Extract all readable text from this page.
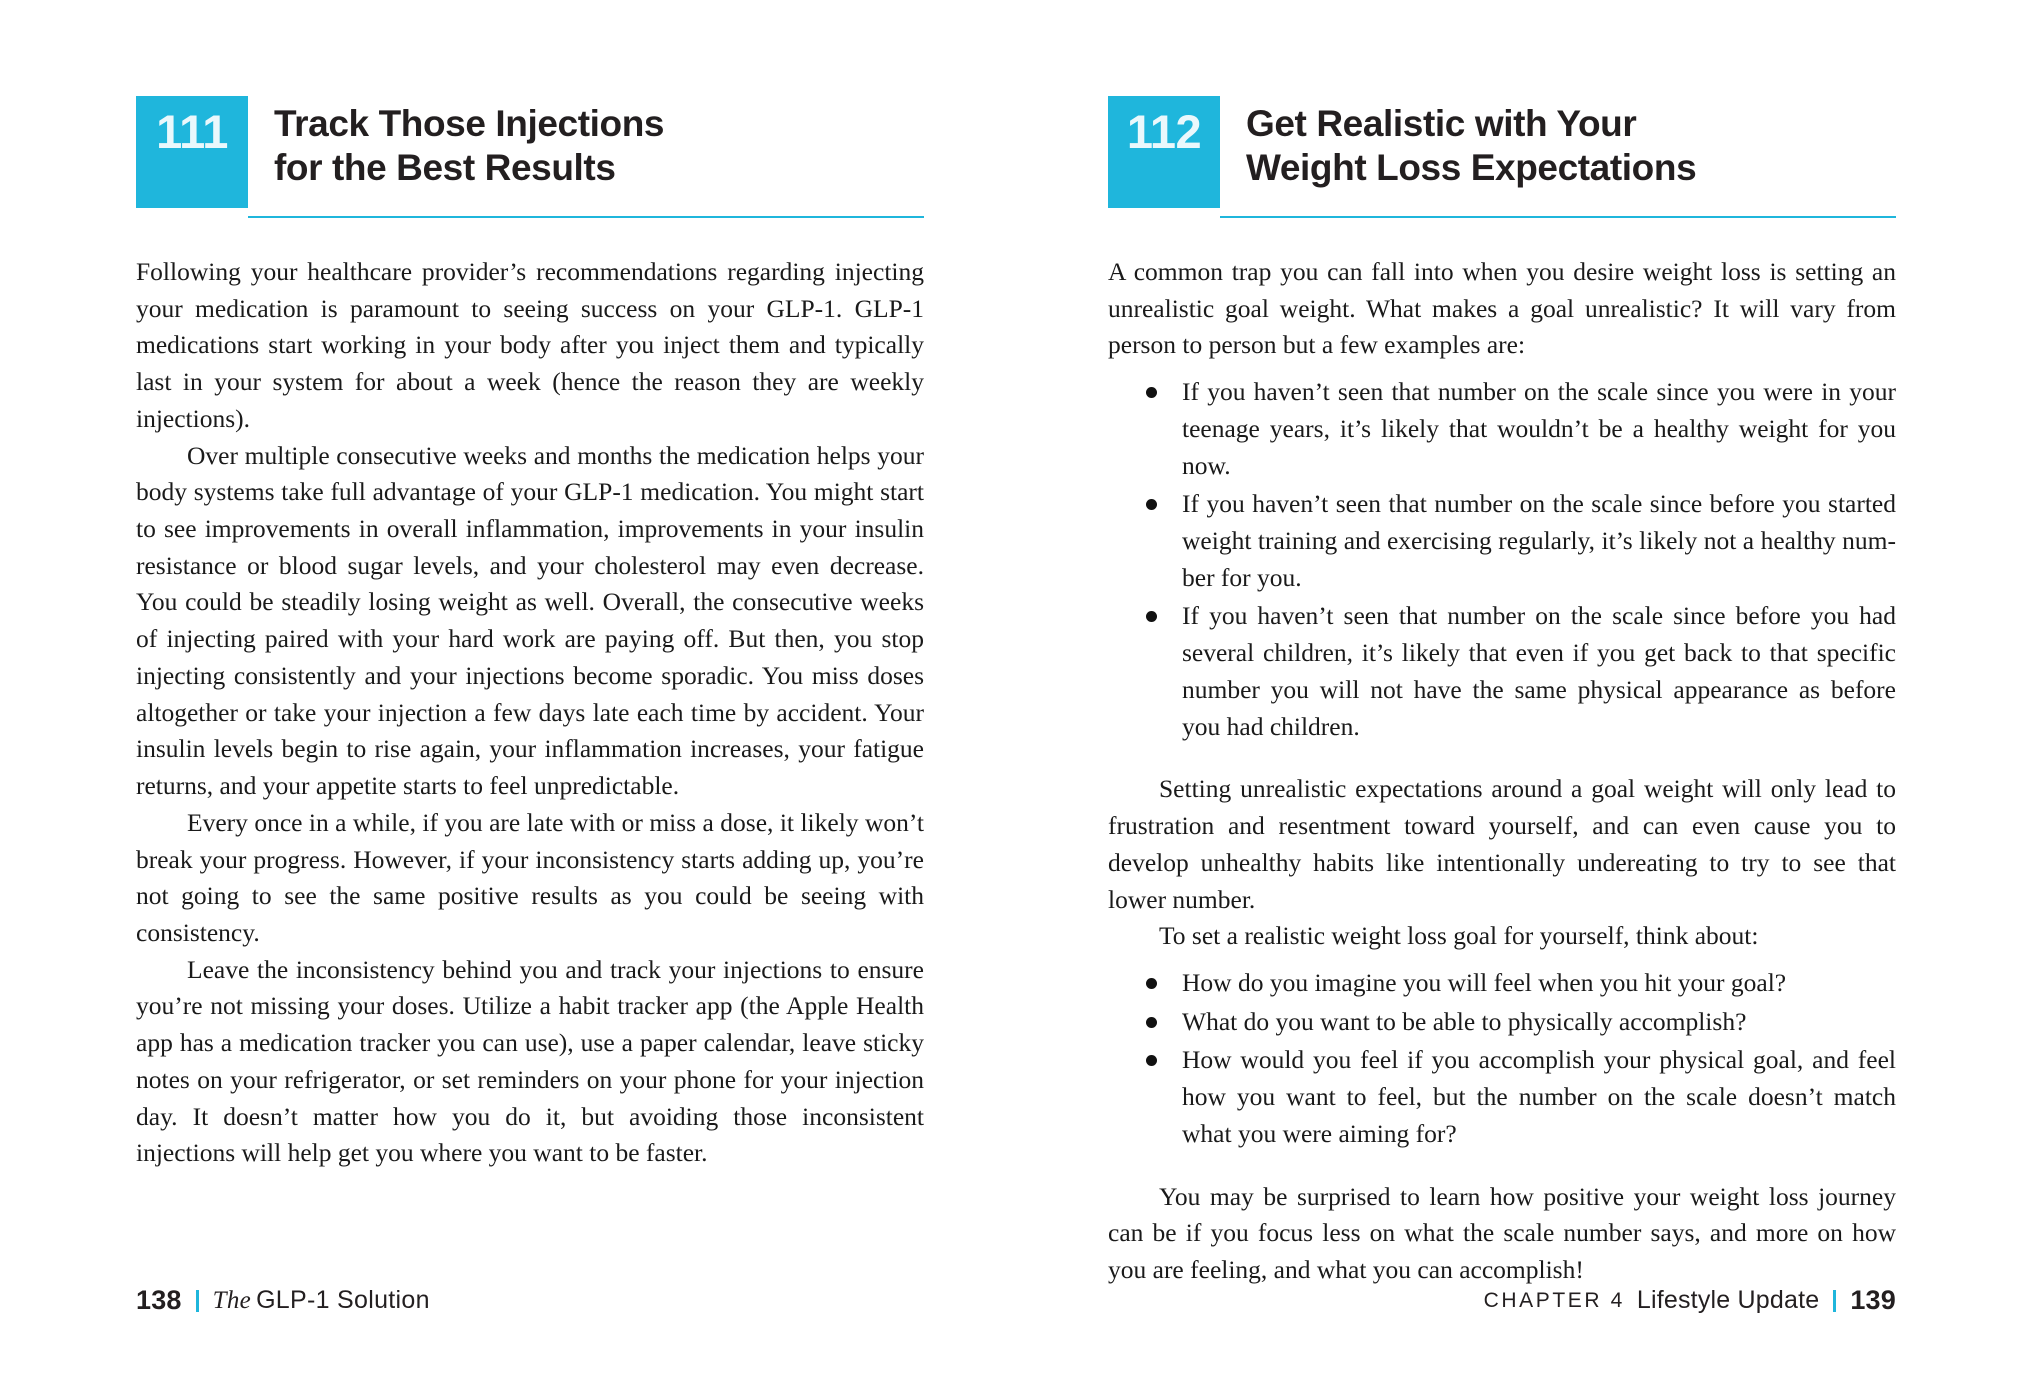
111 Track Those Injections
for the Best Results

Following your healthcare provider’s recommendations regarding injecting your medication is paramount to seeing success on your GLP-1. GLP-1 medications start working in your body after you inject them and typically last in your system for about a week (hence the reason they are weekly injections).

Over multiple consecutive weeks and months the medication helps your body systems take full advantage of your GLP-1 medication. You might start to see improvements in overall inflammation, improvements in your insulin resistance or blood sugar levels, and your cholesterol may even decrease. You could be steadily losing weight as well. Overall, the consecutive weeks of injecting paired with your hard work are paying off. But then, you stop injecting consistently and your injections become sporadic. You miss doses altogether or take your injection a few days late each time by accident. Your insulin levels begin to rise again, your inflammation increases, your fatigue returns, and your appetite starts to feel unpredictable.

Every once in a while, if you are late with or miss a dose, it likely won’t break your progress. However, if your inconsistency starts adding up, you’re not going to see the same positive results as you could be seeing with consistency.

Leave the inconsistency behind you and track your injections to ensure you’re not missing your doses. Utilize a habit tracker app (the Apple Health app has a medication tracker you can use), use a paper calendar, leave sticky notes on your refrigerator, or set reminders on your phone for your injection day. It doesn’t matter how you do it, but avoiding those inconsistent injections will help get you where you want to be faster.

138 The GLP-1 Solution
112 Get Realistic with Your
Weight Loss Expectations

A common trap you can fall into when you desire weight loss is setting an unrealistic goal weight. What makes a goal unrealistic? It will vary from person to person but a few examples are:

If you haven’t seen that number on the scale since you were in your teenage years, it’s likely that wouldn’t be a healthy weight for you now.
If you haven’t seen that number on the scale since before you started weight training and exercising regularly, it’s likely not a healthy number for you.
If you haven’t seen that number on the scale since before you had several children, it’s likely that even if you get back to that specific number you will not have the same physical appearance as before you had children.

Setting unrealistic expectations around a goal weight will only lead to frustration and resentment toward yourself, and can even cause you to develop unhealthy habits like intentionally undereating to try to see that lower number.

To set a realistic weight loss goal for yourself, think about:

How do you imagine you will feel when you hit your goal?
What do you want to be able to physically accomplish?
How would you feel if you accomplish your physical goal, and feel how you want to feel, but the number on the scale doesn’t match what you were aiming for?

You may be surprised to learn how positive your weight loss journey can be if you focus less on what the scale number says, and more on how you are feeling, and what you can accomplish!

CHAPTER 4 Lifestyle Update 139
